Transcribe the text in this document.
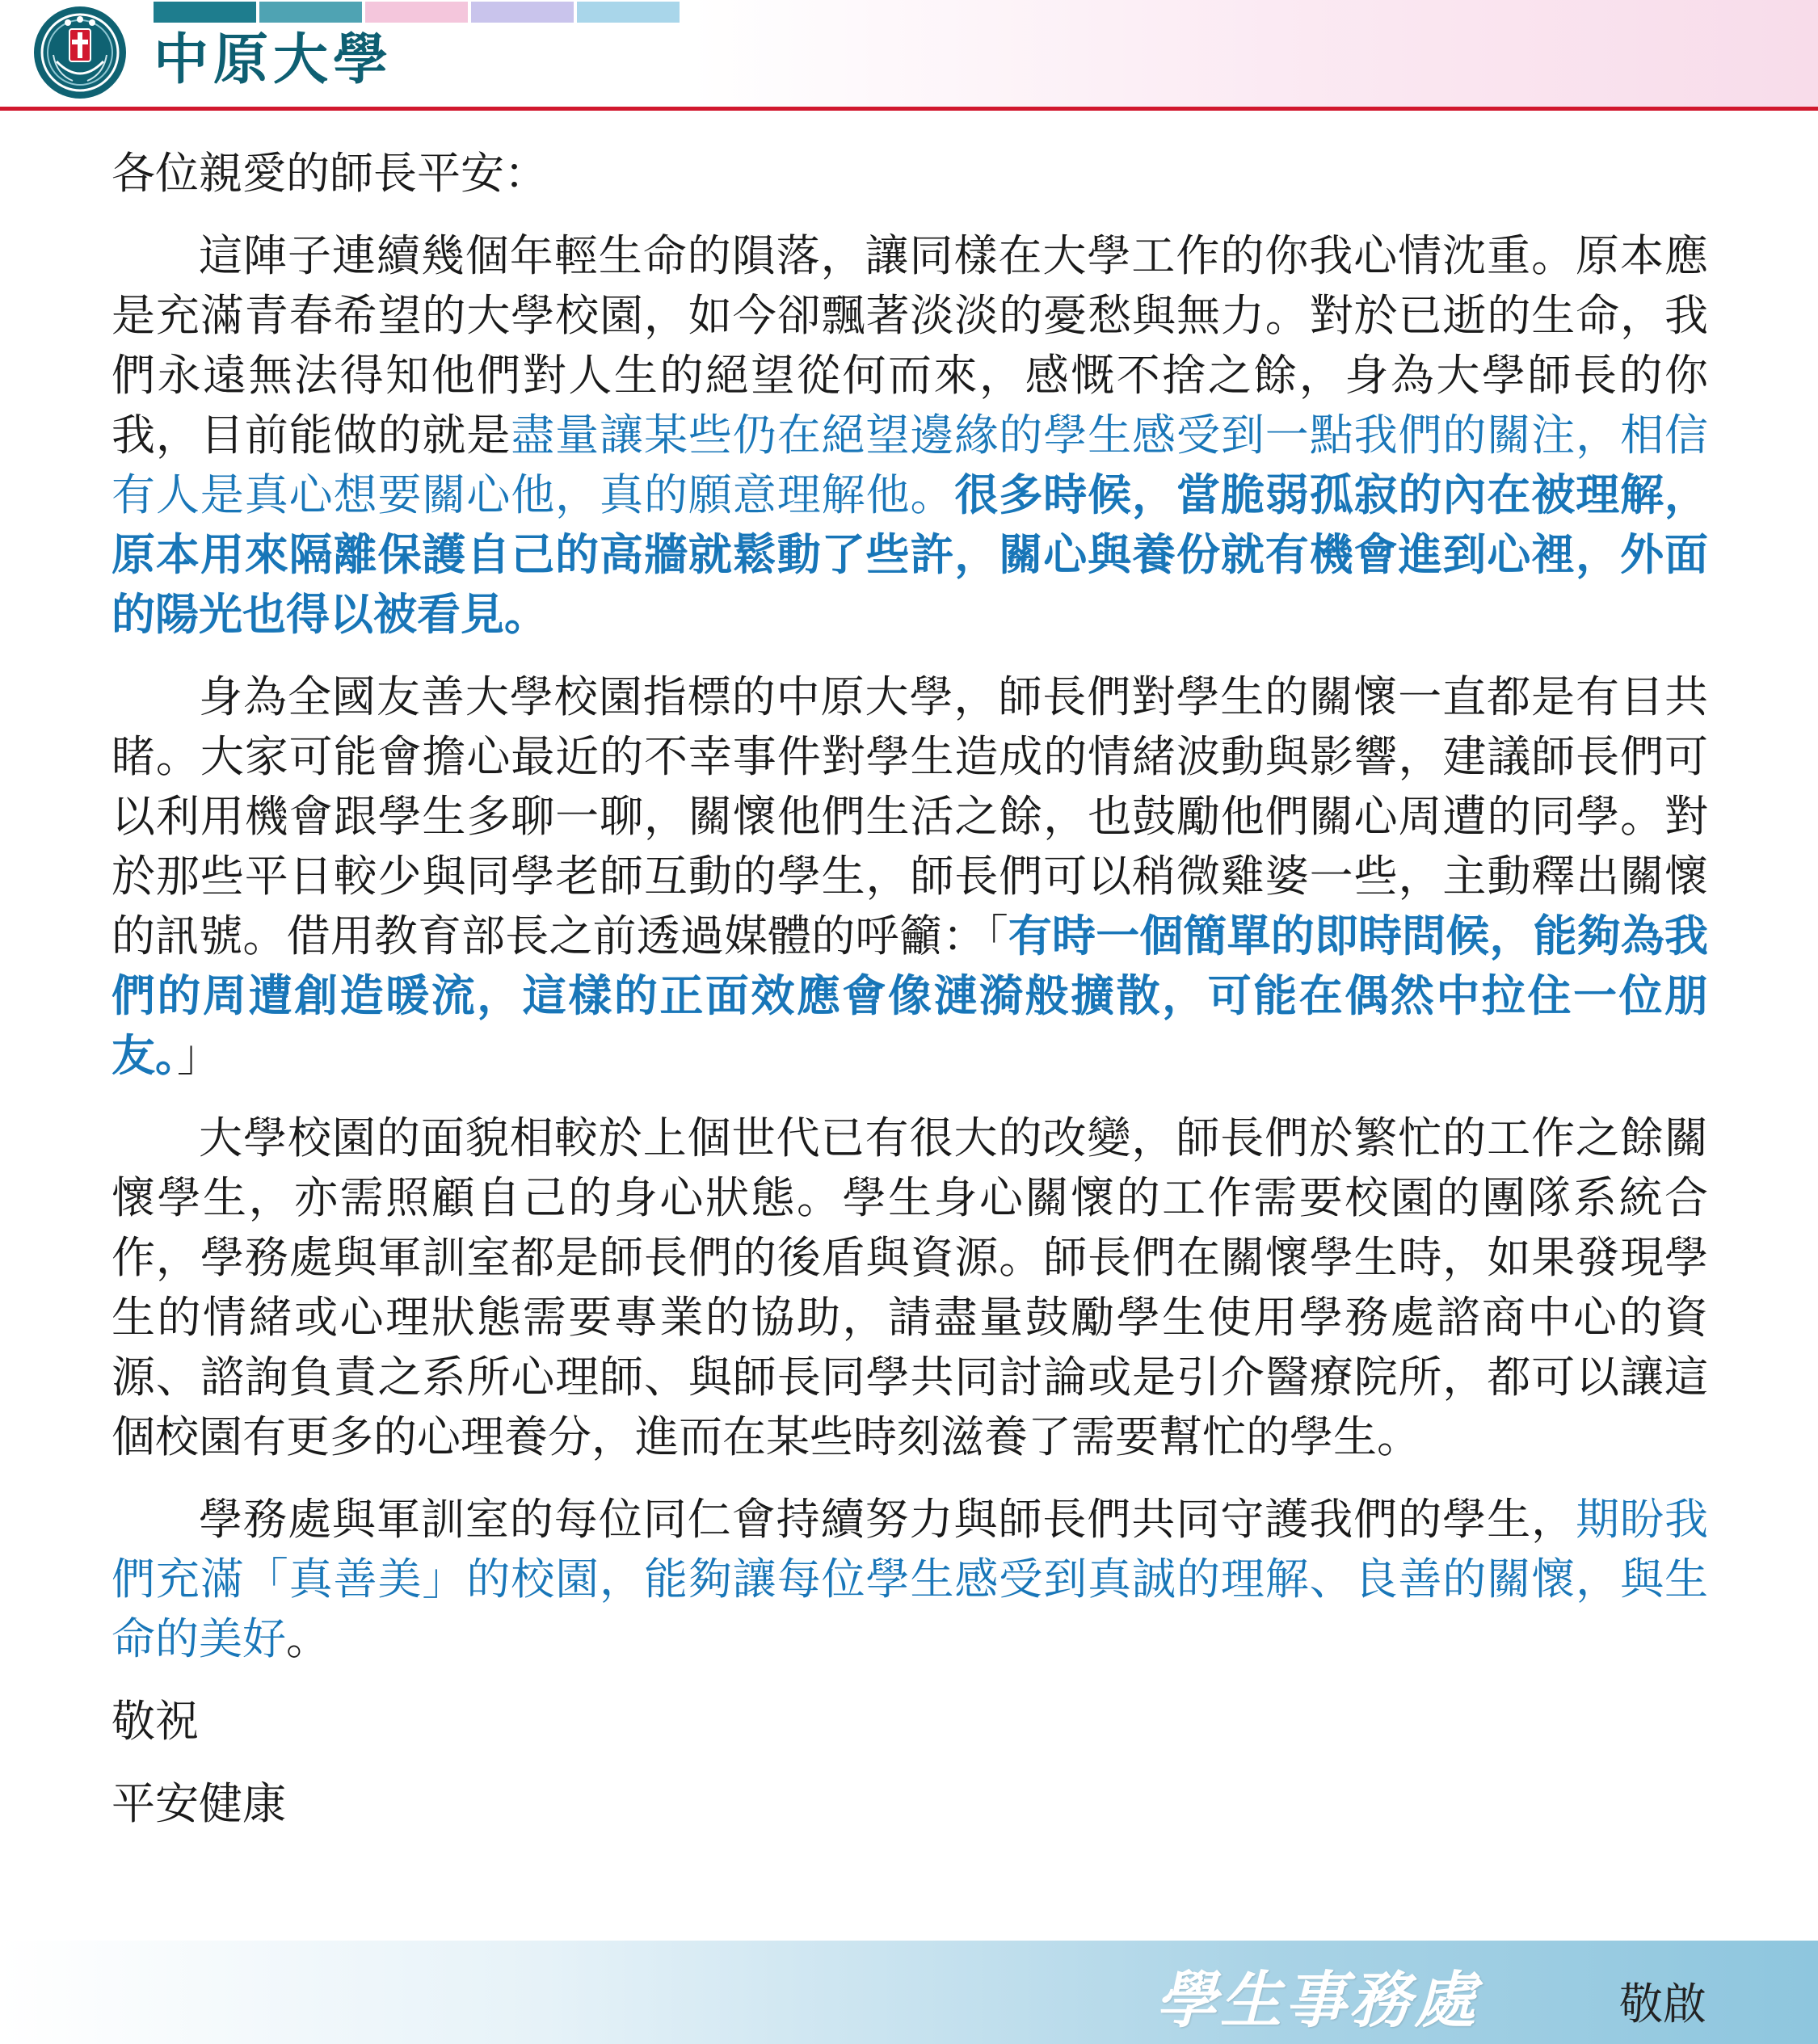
中原大學

各位親愛的師長平安：

這陣子連續幾個年輕生命的隕落，讓同樣在大學工作的你我心情沈重。原本應是充滿青春希望的大學校園，如今卻飄著淡淡的憂愁與無力。對於已逝的生命，我們永遠無法得知他們對人生的絕望從何而來，感慨不捨之餘，身為大學師長的你我，目前能做的就是盡量讓某些仍在絕望邊緣的學生感受到一點我們的關注，相信有人是真心想要關心他，真的願意理解他。很多時候，當脆弱孤寂的內在被理解，原本用來隔離保護自己的高牆就鬆動了些許，關心與養份就有機會進到心裡，外面的陽光也得以被看見。

身為全國友善大學校園指標的中原大學，師長們對學生的關懷一直都是有目共睹。大家可能會擔心最近的不幸事件對學生造成的情緒波動與影響，建議師長們可以利用機會跟學生多聊一聊，關懷他們生活之餘，也鼓勵他們關心周遭的同學。對於那些平日較少與同學老師互動的學生，師長們可以稍微雞婆一些，主動釋出關懷的訊號。借用教育部長之前透過媒體的呼籲：「有時一個簡單的即時問候，能夠為我們的周遭創造暖流，這樣的正面效應會像漣漪般擴散，可能在偶然中拉住一位朋友。」

大學校園的面貌相較於上個世代已有很大的改變，師長們於繁忙的工作之餘關懷學生，亦需照顧自己的身心狀態。學生身心關懷的工作需要校園的團隊系統合作，學務處與軍訓室都是師長們的後盾與資源。師長們在關懷學生時，如果發現學生的情緒或心理狀態需要專業的協助，請盡量鼓勵學生使用學務處諮商中心的資源、諮詢負責之系所心理師、與師長同學共同討論或是引介醫療院所，都可以讓這個校園有更多的心理養分，進而在某些時刻滋養了需要幫忙的學生。

學務處與軍訓室的每位同仁會持續努力與師長們共同守護我們的學生，期盼我們充滿「真善美」的校園，能夠讓每位學生感受到真誠的理解、良善的關懷，與生命的美好。

敬祝

平安健康

學生事務處	敬啟
